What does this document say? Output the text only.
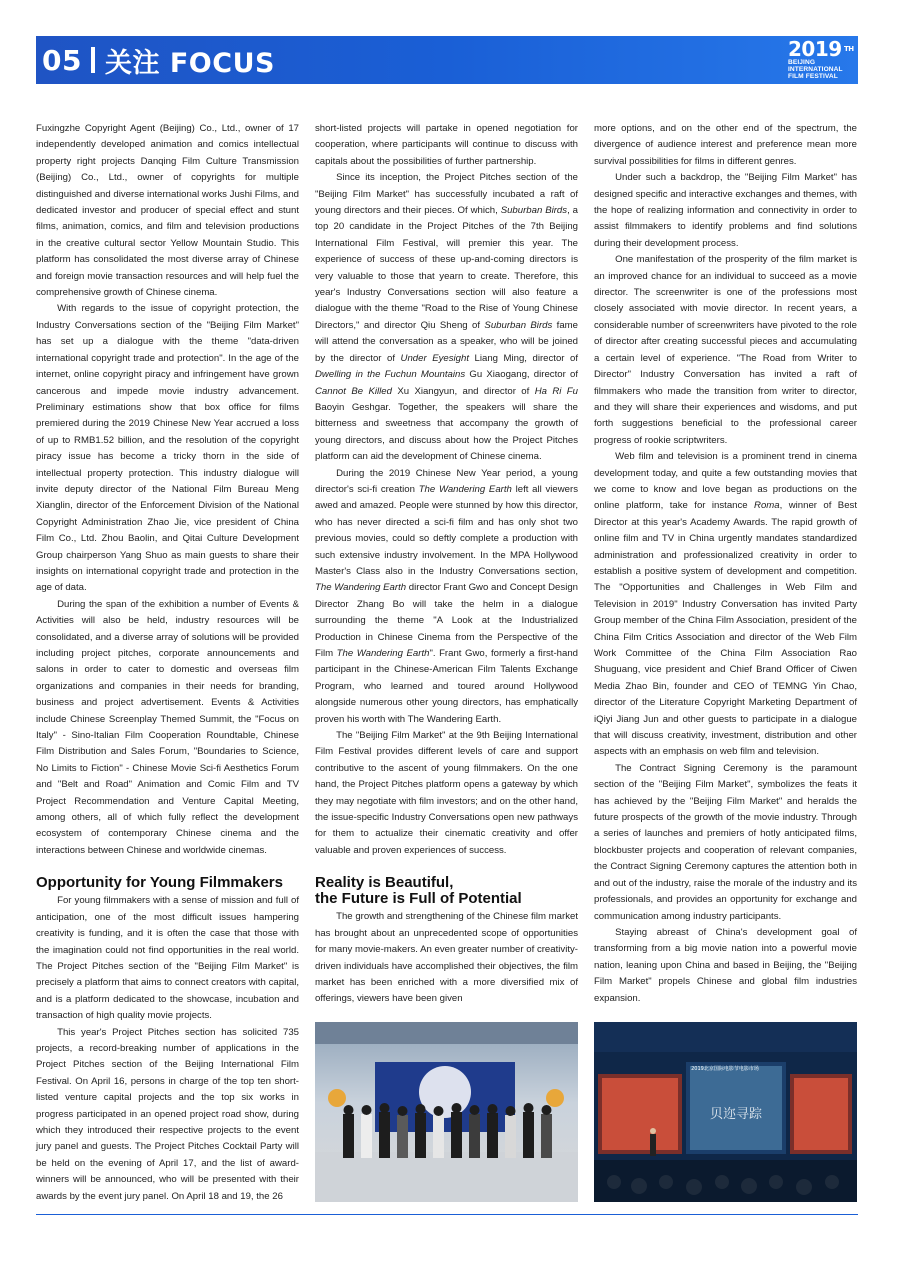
05 关注 FOCUS	2019 TH
BEIJING
INTERNATIONAL
FILM FESTIVAL

Fuxingzhe Copyright Agent (Beijing) Co., Ltd., owner of 17 independently developed animation and comics intellectual property right projects Danqing Film Culture Transmission (Beijing) Co., Ltd., owner of copyrights for multiple distinguished and diverse international works Jushi Films, and dedicated investor and producer of special effect and stunt films, animation, comics, and film and television productions in the creative cultural sector Yellow Mountain Studio. This platform has consolidated the most diverse array of Chinese and foreign movie transaction resources and will help fuel the comprehensive growth of Chinese cinema.

With regards to the issue of copyright protection, the Industry Conversations section of the "Beijing Film Market" has set up a dialogue with the theme "data-driven international copyright trade and protection". In the age of the internet, online copyright piracy and infringement have grown cancerous and impede movie industry advancement. Preliminary estimations show that box office for films premiered during the 2019 Chinese New Year accrued a loss of up to RMB1.52 billion, and the resolution of the copyright piracy issue has become a tricky thorn in the side of intellectual property protection. This industry dialogue will invite deputy director of the National Film Bureau Meng Xianglin, director of the Enforcement Division of the National Copyright Administration Zhao Jie, vice president of China Film Co., Ltd. Zhou Baolin, and Qitai Culture Development Group chairperson Yang Shuo as main guests to share their insights on international copyright trade and protection in the age of data.

During the span of the exhibition a number of Events & Activities will also be held, industry resources will be consolidated, and a diverse array of solutions will be provided including project pitches, corporate announcements and salons in order to cater to domestic and overseas film organizations and companies in their needs for branding, business and project advertisement. Events & Activities include Chinese Screenplay Themed Summit, the "Focus on Italy" - Sino-Italian Film Cooperation Roundtable, Chinese Film Distribution and Sales Forum, "Boundaries to Science, No Limits to Fiction" - Chinese Movie Sci-fi Aesthetics Forum and "Belt and Road" Animation and Comic Film and TV Project Recommendation and Venture Capital Meeting, among others, all of which fully reflect the development ecosystem of contemporary Chinese cinema and the interactions between Chinese and worldwide cinemas.

Opportunity for Young Filmmakers

For young filmmakers with a sense of mission and full of anticipation, one of the most difficult issues hampering creativity is funding, and it is often the case that those with the imagination could not find opportunities in the real world. The Project Pitches section of the "Beijing Film Market" is precisely a platform that aims to connect creators with capital, and is a platform dedicated to the showcase, incubation and transaction of high quality movie projects.

This year's Project Pitches section has solicited 735 projects, a record-breaking number of applications in the Project Pitches section of the Beijing International Film Festival. On April 16, persons in charge of the top ten short-listed venture capital projects and the top six works in progress participated in an opened project road show, during which they introduced their respective projects to the event jury panel and guests. The Project Pitches Cocktail Party will be held on the evening of April 17, and the list of award-winners will be announced, who will be presented with their awards by the event jury panel. On April 18 and 19, the 26

short-listed projects will partake in opened negotiation for cooperation, where participants will continue to discuss with capitals about the possibilities of further partnership.

Since its inception, the Project Pitches section of the "Beijing Film Market" has successfully incubated a raft of young directors and their pieces. Of which, Suburban Birds, a top 20 candidate in the Project Pitches of the 7th Beijing International Film Festival, will premier this year. The experience of success of these up-and-coming directors is very valuable to those that yearn to create. Therefore, this year's Industry Conversations section will also feature a dialogue with the theme "Road to the Rise of Young Chinese Directors," and director Qiu Sheng of Suburban Birds fame will attend the conversation as a speaker, who will be joined by the director of Under Eyesight Liang Ming, director of Dwelling in the Fuchun Mountains Gu Xiaogang, director of Cannot Be Killed Xu Xiangyun, and director of Ha Ri Fu Baoyin Geshgar. Together, the speakers will share the bitterness and sweetness that accompany the growth of young directors, and discuss about how the Project Pitches platform can aid the development of Chinese cinema.

During the 2019 Chinese New Year period, a young director's sci-fi creation The Wandering Earth left all viewers awed and amazed. People were stunned by how this director, who has never directed a sci-fi film and has only shot two previous movies, could so deftly complete a production with such extensive industry involvement. In the MPA Hollywood Master's Class also in the Industry Conversations section, The Wandering Earth director Frant Gwo and Concept Design Director Zhang Bo will take the helm in a dialogue surrounding the theme "A Look at the Industrialized Production in Chinese Cinema from the Perspective of the Film The Wandering Earth". Frant Gwo, formerly a first-hand participant in the Chinese-American Film Talents Exchange Program, who learned and toured around Hollywood alongside numerous other young directors, has emphatically proven his worth with The Wandering Earth.

The "Beijing Film Market" at the 9th Beijing International Film Festival provides different levels of care and support contributive to the ascent of young filmmakers. On the one hand, the Project Pitches platform opens a gateway by which they may negotiate with film investors; and on the other hand, the issue-specific Industry Conversations open new pathways for them to actualize their cinematic creativity and offer valuable and proven experiences of success.

Reality is Beautiful,
the Future is Full of Potential

The growth and strengthening of the Chinese film market has brought about an unprecedented scope of opportunities for many movie-makers. An even greater number of creativity-driven individuals have accomplished their objectives, the film market has been enriched with a more diversified mix of offerings, viewers have been given

more options, and on the other end of the spectrum, the divergence of audience interest and preference mean more survival possibilities for films in different genres.

Under such a backdrop, the "Beijing Film Market" has designed specific and interactive exchanges and themes, with the hope of realizing information and connectivity in order to assist filmmakers to identify problems and find solutions during their development process.

One manifestation of the prosperity of the film market is an improved chance for an individual to succeed as a movie director. The screenwriter is one of the professions most closely associated with movie director. In recent years, a considerable number of screenwriters have pivoted to the role of director after creating successful pieces and accumulating a certain level of experience. "The Road from Writer to Director" Industry Conversation has invited a raft of filmmakers who made the transition from writer to director, and they will share their experiences and wisdoms, and put forth suggestions beneficial to the professional career progress of rookie scriptwriters.

Web film and television is a prominent trend in cinema development today, and quite a few outstanding movies that we come to know and love began as productions on the online platform, take for instance Roma, winner of Best Director at this year's Academy Awards. The rapid growth of online film and TV in China urgently mandates standardized administration and professionalized creativity in order to establish a positive system of development and competition. The "Opportunities and Challenges in Web Film and Television in 2019" Industry Conversation has invited Party Group member of the China Film Association, president of the China Film Critics Association and director of the Web Film Work Committee of the China Film Association Rao Shuguang, vice president and Chief Brand Officer of Ciwen Media Zhao Bin, founder and CEO of TEMNG Yin Chao, director of the Literature Copyright Marketing Department of iQiyi Jiang Jun and other guests to participate in a dialogue that will discuss creativity, investment, distribution and other aspects with an emphasis on web film and television.

The Contract Signing Ceremony is the paramount section of the "Beijing Film Market", symbolizes the feats it has achieved by the "Beijing Film Market" and heralds the future prospects of the growth of the movie industry. Through a series of launches and premiers of hotly anticipated films, blockbuster projects and cooperation of relevant companies, the Contract Signing Ceremony captures the attention both in and out of the industry, raise the morale of the industry and its professionals, and provides an opportunity for exchange and communication among industry participants.

Staying abreast of China's development goal of transforming from a big movie nation into a powerful movie nation, leaning upon China and based in Beijing, the "Beijing Film Market" propels Chinese and global film industries expansion.

贝迩寻踪
2019北京国际电影节电影市场
